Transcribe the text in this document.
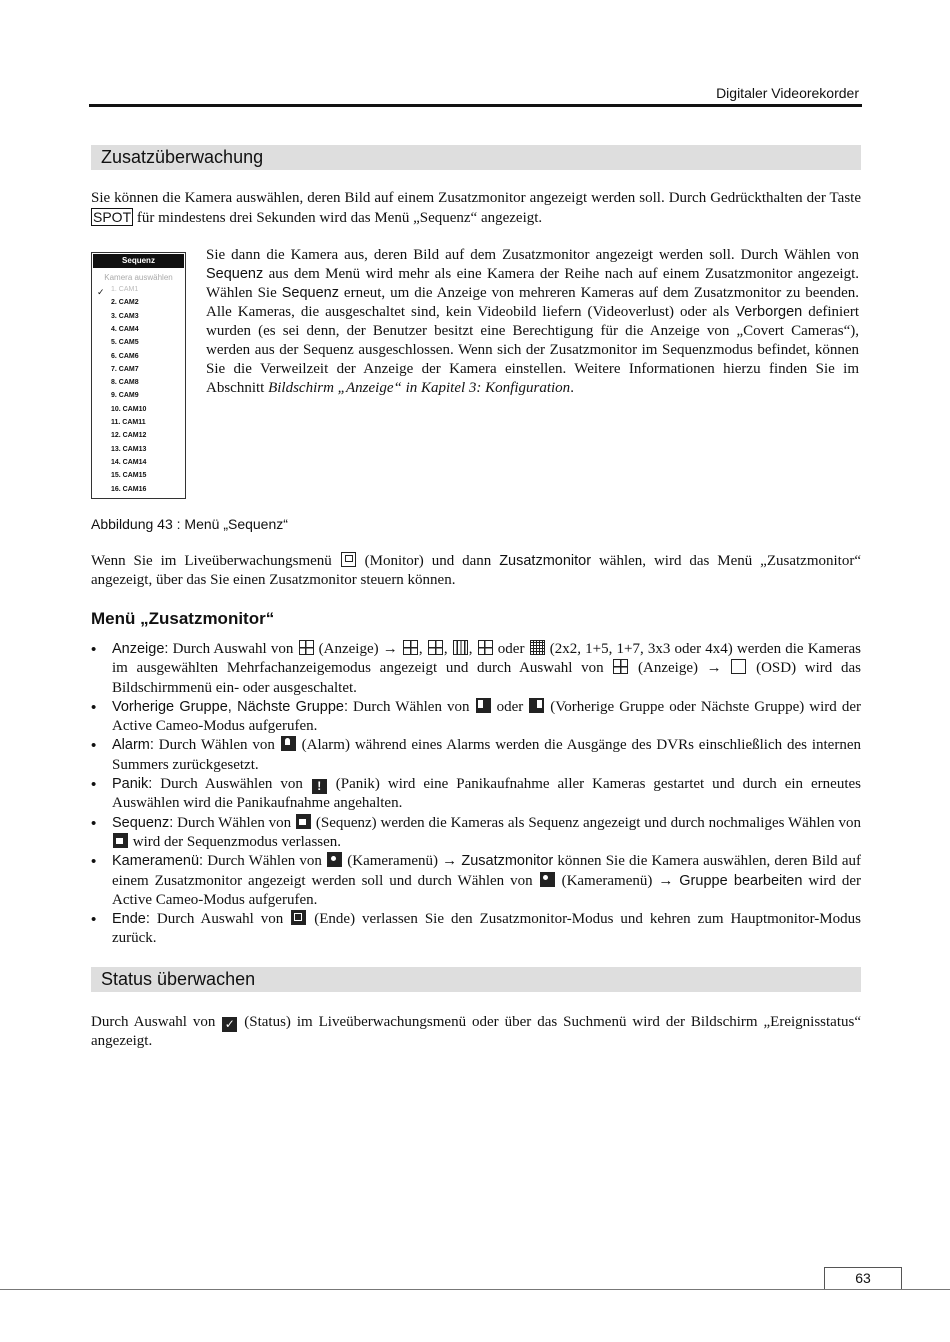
Digitaler Videorekorder
Zusatzüberwachung
Sie können die Kamera auswählen, deren Bild auf einem Zusatzmonitor angezeigt werden soll. Durch Gedrückthalten der Taste SPOT für mindestens drei Sekunden wird das Menü „Sequenz“ angezeigt.
Sequenz
Kamera auswählen
✓ 1. CAM1
2. CAM2
3. CAM3
4. CAM4
5. CAM5
6. CAM6
7. CAM7
8. CAM8
9. CAM9
10. CAM10
11. CAM11
12. CAM12
13. CAM13
14. CAM14
15. CAM15
16. CAM16
Sie dann die Kamera aus, deren Bild auf dem Zusatzmonitor angezeigt werden soll. Durch Wählen von Sequenz aus dem Menü wird mehr als eine Kamera der Reihe nach auf einem Zusatzmonitor angezeigt. Wählen Sie Sequenz erneut, um die Anzeige von mehreren Kameras auf dem Zusatzmonitor zu beenden. Alle Kameras, die ausgeschaltet sind, kein Videobild liefern (Videoverlust) oder als Verborgen definiert wurden (es sei denn, der Benutzer besitzt eine Berechtigung für die Anzeige von „Covert Cameras“), werden aus der Sequenz ausgeschlossen. Wenn sich der Zusatzmonitor im Sequenzmodus befindet, können Sie die Verweilzeit der Anzeige der Kamera einstellen. Weitere Informationen hierzu finden Sie im Abschnitt Bildschirm „Anzeige“ in Kapitel 3: Konfiguration.
Abbildung 43 : Menü „Sequenz“
Wenn Sie im Liveüberwachungsmenü  (Monitor) und dann Zusatzmonitor wählen, wird das Menü „Zusatzmonitor“ angezeigt, über das Sie einen Zusatzmonitor steuern können.
Menü „Zusatzmonitor“
• Anzeige: Durch Auswahl von  (Anzeige) → , , ,  oder  (2x2, 1+5, 1+7, 3x3 oder 4x4) werden die Kameras im ausgewählten Mehrfachanzeigemodus angezeigt und durch Auswahl von  (Anzeige) →  (OSD) wird das Bildschirmmenü ein- oder ausgeschaltet.
• Vorherige Gruppe, Nächste Gruppe: Durch Wählen von  oder  (Vorherige Gruppe oder Nächste Gruppe) wird der Active Cameo-Modus aufgerufen.
• Alarm: Durch Wählen von  (Alarm) während eines Alarms werden die Ausgänge des DVRs einschließlich des internen Summers zurückgesetzt.
• Panik: Durch Auswählen von ! (Panik) wird eine Panikaufnahme aller Kameras gestartet und durch ein erneutes Auswählen wird die Panikaufnahme angehalten.
• Sequenz: Durch Wählen von  (Sequenz) werden die Kameras als Sequenz angezeigt und durch nochmaliges Wählen von  wird der Sequenzmodus verlassen.
• Kameramenü: Durch Wählen von  (Kameramenü) → Zusatzmonitor können Sie die Kamera auswählen, deren Bild auf einem Zusatzmonitor angezeigt werden soll und durch Wählen von  (Kameramenü) → Gruppe bearbeiten wird der Active Cameo-Modus aufgerufen.
• Ende: Durch Auswahl von  (Ende) verlassen Sie den Zusatzmonitor-Modus und kehren zum Hauptmonitor-Modus zurück.
Status überwachen
Durch Auswahl von ✓ (Status) im Liveüberwachungsmenü oder über das Suchmenü wird der Bildschirm „Ereignisstatus“ angezeigt.
63
